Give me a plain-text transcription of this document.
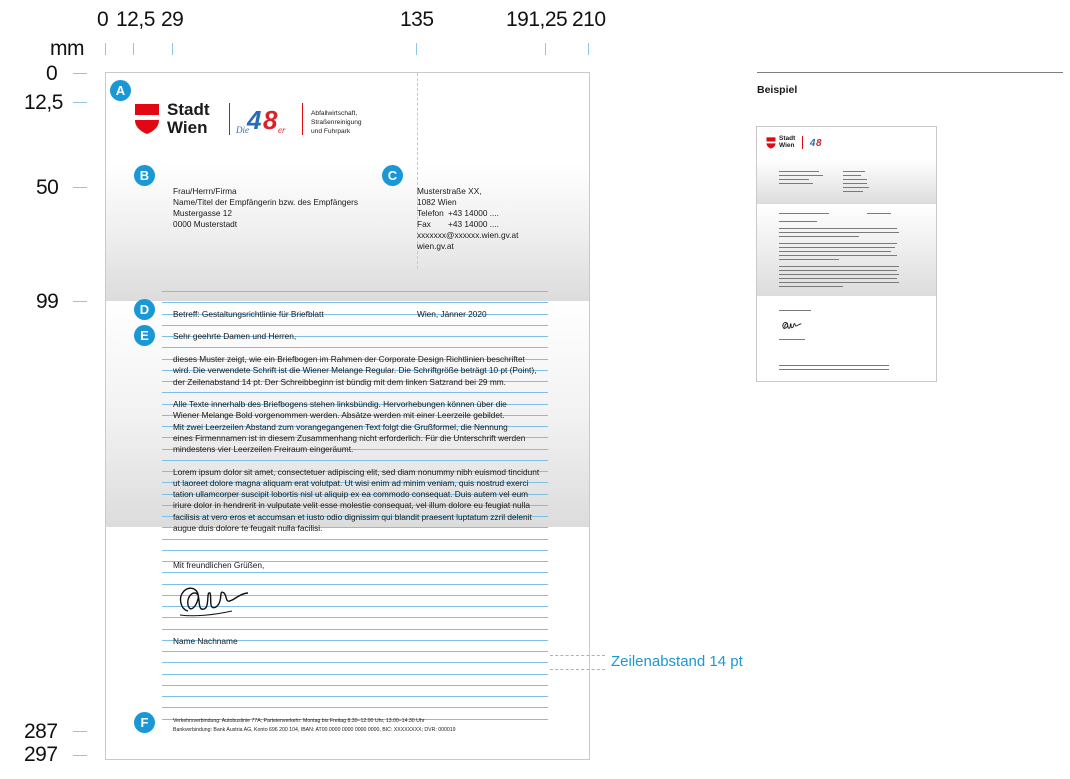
mm
0 12,5 29	135	191,25 210
0
12,5
50
99
287
297
A
B	C
D
E
F
Stadt
Wien	Die
4 8 er
Abfallwirtschaft,
Straßenreinigung
und Fuhrpark
Frau/Herrn/Firma
Name/Titel der Empfängerin bzw. des Empfängers
Mustergasse 12
0000 Musterstadt
Musterstraße XX,
1082 Wien
Telefon +43 14000 ....
Fax +43 14000 ....
xxxxxxx@xxxxxx.wien.gv.at
wien.gv.at
Betreff: Gestaltungsrichtlinie für Briefblatt	Wien, Jänner 2020
Sehr geehrte Damen und Herren,
dieses Muster zeigt, wie ein Briefbogen im Rahmen der Corporate Design Richtlinien beschriftet
wird. Die verwendete Schrift ist die Wiener Melange Regular. Die Schriftgröße beträgt 10 pt (Point),
der Zeilenabstand 14 pt. Der Schreibbeginn ist bündig mit dem linken Satzrand bei 29 mm.
Alle Texte innerhalb des Briefbogens stehen linksbündig. Hervorhebungen können über die
Wiener Melange Bold vorgenommen werden. Absätze werden mit einer Leerzeile gebildet.
Mit zwei Leerzeilen Abstand zum vorangegangenen Text folgt die Grußformel, die Nennung
eines Firmennamen ist in diesem Zusammenhang nicht erforderlich. Für die Unterschrift werden
mindestens vier Leerzeilen Freiraum eingeräumt.
Lorem ipsum dolor sit amet, consectetuer adipiscing elit, sed diam nonummy nibh euismod tincidunt
ut laoreet dolore magna aliquam erat volutpat. Ut wisi enim ad minim veniam, quis nostrud exerci
tation ullamcorper suscipit lobortis nisl ut aliquip ex ea commodo consequat. Duis autem vel eum
iriure dolor in hendrerit in vulputate velit esse molestie consequat, vel illum dolore eu feugiat nulla
facilisis at vero eros et accumsan et iusto odio dignissim qui blandit praesent luptatum zzril delenit
augue duis dolore te feugait nulla facilisi.
Mit freundlichen Grüßen,
Name Nachname
Verkehrsverbindung: Autobuslinie 77A; Parteienverkehr: Montag bis Freitag 8.30–12.00 Uhr, 13.00–14.30 Uhr
Bankverbindung: Bank Austria AG, Konto 696 200 104, IBAN: AT00 0000 0000 0000 0000, BIC: XXXXXXXX; DVR: 000019
Zeilenabstand 14 pt
Beispiel
Stadt
Wien 4 8
